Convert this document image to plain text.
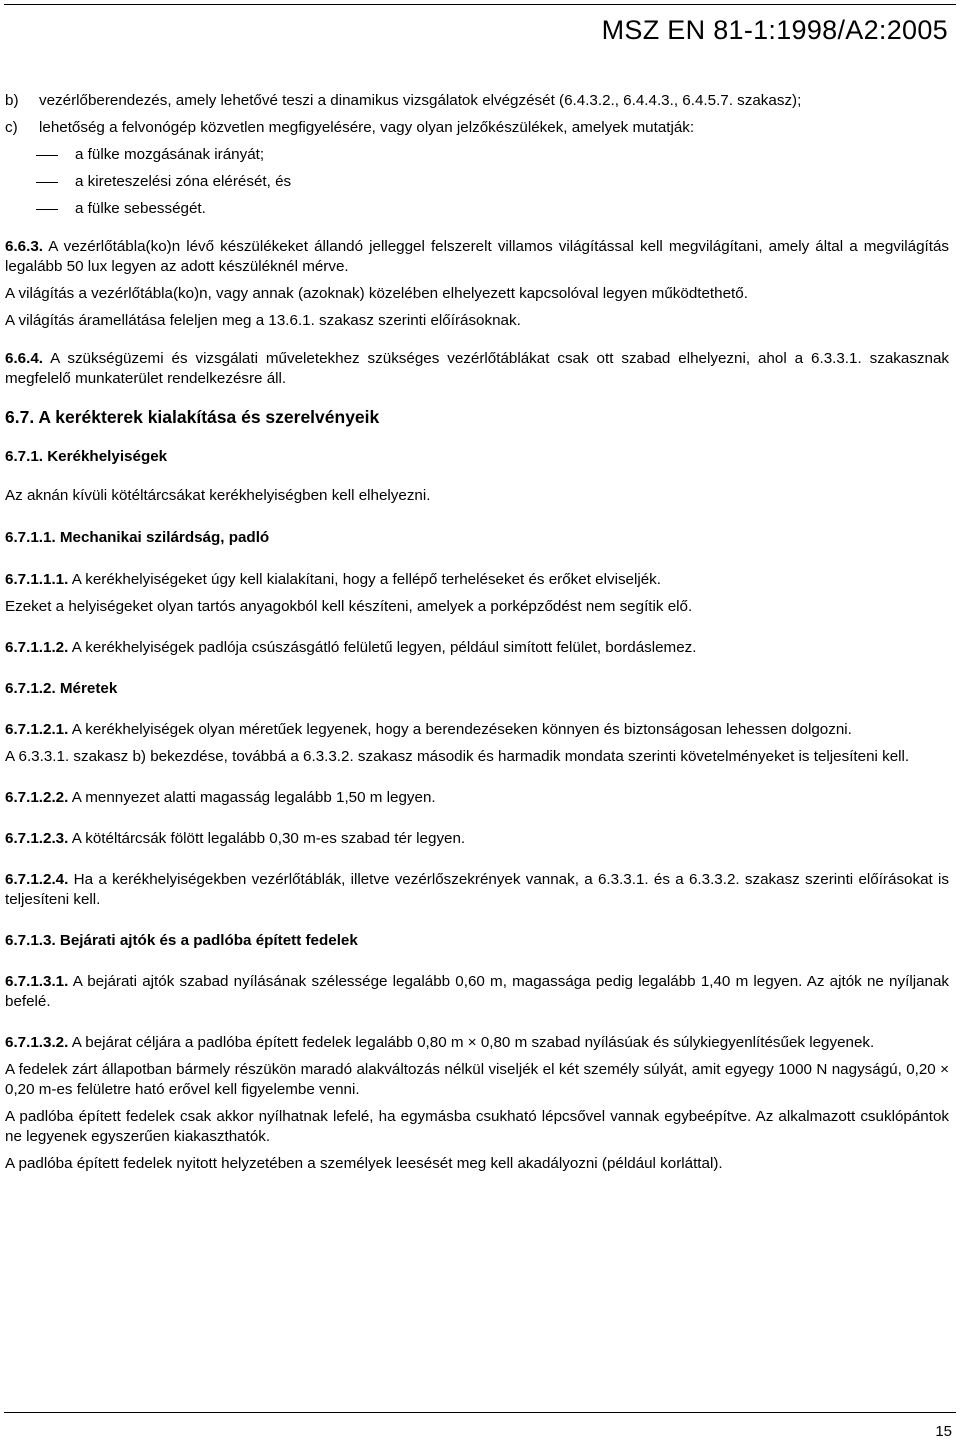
MSZ EN 81-1:1998/A2:2005

b) vezérlőberendezés, amely lehetővé teszi a dinamikus vizsgálatok elvégzését (6.4.3.2., 6.4.4.3., 6.4.5.7. szakasz);

c) lehetőség a felvonógép közvetlen megfigyelésére, vagy olyan jelzőkészülékek, amelyek mutatják:

a fülke mozgásának irányát;

a kireteszelési zóna elérését, és

a fülke sebességét.

6.6.3. A vezérlőtábla(ko)n lévő készülékeket állandó jelleggel felszerelt villamos világítással kell megvilágítani, amely által a megvilágítás legalább 50 lux legyen az adott készüléknél mérve.

A világítás a vezérlőtábla(ko)n, vagy annak (azoknak) közelében elhelyezett kapcsolóval legyen működtethető.

A világítás áramellátása feleljen meg a 13.6.1. szakasz szerinti előírásoknak.

6.6.4. A szükségüzemi és vizsgálati műveletekhez szükséges vezérlőtáblákat csak ott szabad elhelyezni, ahol a 6.3.3.1. szakasznak megfelelő munkaterület rendelkezésre áll.

6.7. A kerékterek kialakítása és szerelvényeik

6.7.1. Kerékhelyiségek

Az aknán kívüli kötéltárcsákat kerékhelyiségben kell elhelyezni.

6.7.1.1. Mechanikai szilárdság, padló

6.7.1.1.1. A kerékhelyiségeket úgy kell kialakítani, hogy a fellépő terheléseket és erőket elviseljék.

Ezeket a helyiségeket olyan tartós anyagokból kell készíteni, amelyek a porképződést nem segítik elő.

6.7.1.1.2. A kerékhelyiségek padlója csúszásgátló felületű legyen, például simított felület, bordáslemez.

6.7.1.2. Méretek

6.7.1.2.1. A kerékhelyiségek olyan méretűek legyenek, hogy a berendezéseken könnyen és biztonságosan lehessen dolgozni.

A 6.3.3.1. szakasz b) bekezdése, továbbá a 6.3.3.2. szakasz második és harmadik mondata szerinti követelményeket is teljesíteni kell.

6.7.1.2.2. A mennyezet alatti magasság legalább 1,50 m legyen.

6.7.1.2.3. A kötéltárcsák fölött legalább 0,30 m-es szabad tér legyen.

6.7.1.2.4. Ha a kerékhelyiségekben vezérlőtáblák, illetve vezérlőszekrények vannak, a 6.3.3.1. és a 6.3.3.2. szakasz szerinti előírásokat is teljesíteni kell.

6.7.1.3. Bejárati ajtók és a padlóba épített fedelek

6.7.1.3.1. A bejárati ajtók szabad nyílásának szélessége legalább 0,60 m, magassága pedig legalább 1,40 m legyen. Az ajtók ne nyíljanak befelé.

6.7.1.3.2. A bejárat céljára a padlóba épített fedelek legalább 0,80 m × 0,80 m szabad nyílásúak és súlykiegyenlítésűek legyenek.

A fedelek zárt állapotban bármely részükön maradó alakváltozás nélkül viseljék el két személy súlyát, amit egyegy 1000 N nagyságú, 0,20 × 0,20 m-es felületre ható erővel kell figyelembe venni.

A padlóba épített fedelek csak akkor nyílhatnak lefelé, ha egymásba csukható lépcsővel vannak egybeépítve. Az alkalmazott csuklópántok ne legyenek egyszerűen kiakaszthatók.

A padlóba épített fedelek nyitott helyzetében a személyek leesését meg kell akadályozni (például korláttal).

15
